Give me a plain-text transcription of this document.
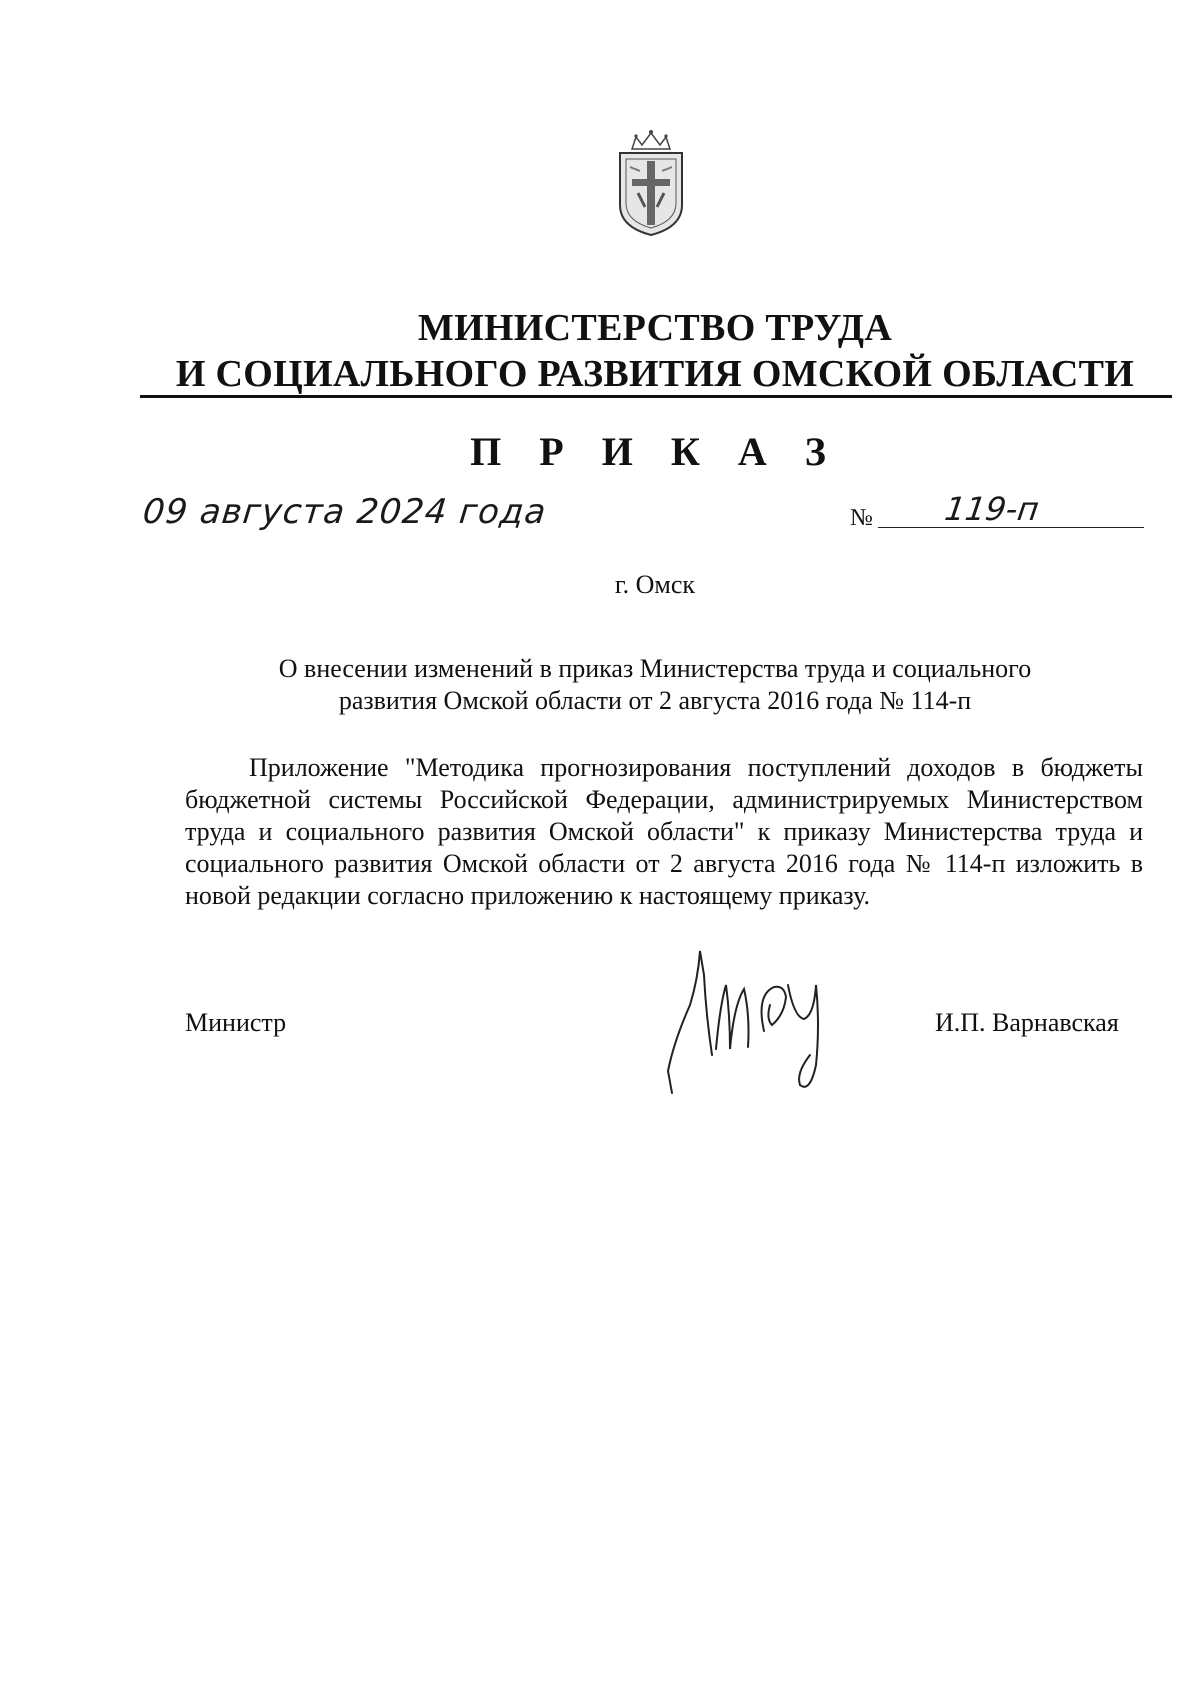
МИНИСТЕРСТВО ТРУДА
И СОЦИАЛЬНОГО РАЗВИТИЯ ОМСКОЙ ОБЛАСТИ
П Р И К А З
09 августа 2024 года	№ 119-п
г. Омск
О внесении изменений в приказ Министерства труда и социального
развития Омской области от 2 августа 2016 года № 114-п
Приложение "Методика прогнозирования поступлений доходов в бюджеты бюджетной системы Российской Федерации, администрируемых Министерством труда и социального развития Омской области" к приказу Министерства труда и социального развития Омской области от 2 августа 2016 года № 114-п изложить в новой редакции согласно приложению к настоящему приказу.
Министр	И.П. Варнавская
